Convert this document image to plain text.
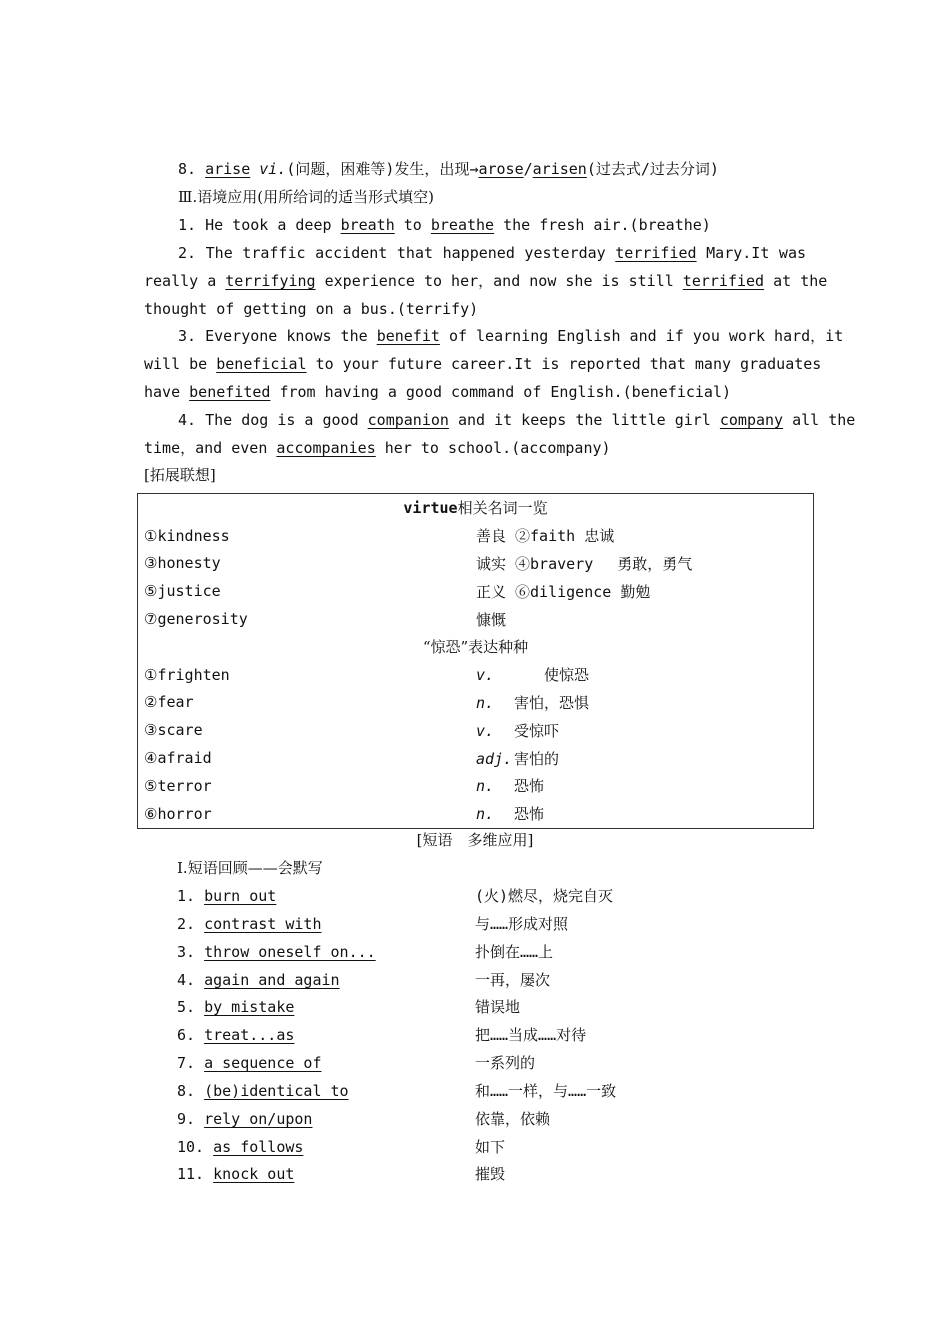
8. arise vi.(问题，困难等)发生，出现→arose/arisen(过去式/过去分词)
Ⅲ.语境应用(用所给词的适当形式填空)
1. He took a deep breath to breathe the fresh air.(breathe)
2. The traffic accident that happened yesterday terrified Mary.It was
really a terrifying experience to her，and now she is still terrified at the
thought of getting on a bus.(terrify)
3. Everyone knows the benefit of learning English and if you work hard，it
will be beneficial to your future career.It is reported that many graduates
have benefited from having a good command of English.(beneficial)
4. The dog is a good companion and it keeps the little girl company all the
time，and even accompanies her to school.(accompany)
[拓展联想]
virtue相关名词一览	
①kindness	善良 ②faith 忠诚
③honesty	诚实 ④bravery　 勇敢，勇气
⑤justice	正义 ⑥diligence 勤勉
⑦generosity	慷慨
“惊恐”表达种种	
①frighten	v.　　使惊恐
②fear	n. 害怕，恐惧
③scare	v. 受惊吓
④afraid	adj. 害怕的
⑤terror	n. 恐怖
⑥horror	n. 恐怖
[短语　多维应用]
Ⅰ.短语回顾——会默写
1. burn out	(火)燃尽，烧完自灭
2. contrast with	与……形成对照
3. throw oneself on...	扑倒在……上
4. again and again	一再，屡次
5. by mistake	错误地
6. treat...as	把……当成……对待
7. a sequence of	一系列的
8. (be)identical to	和……一样，与……一致
9. rely on/upon	依靠，依赖
10. as follows	如下
11. knock out	摧毁
